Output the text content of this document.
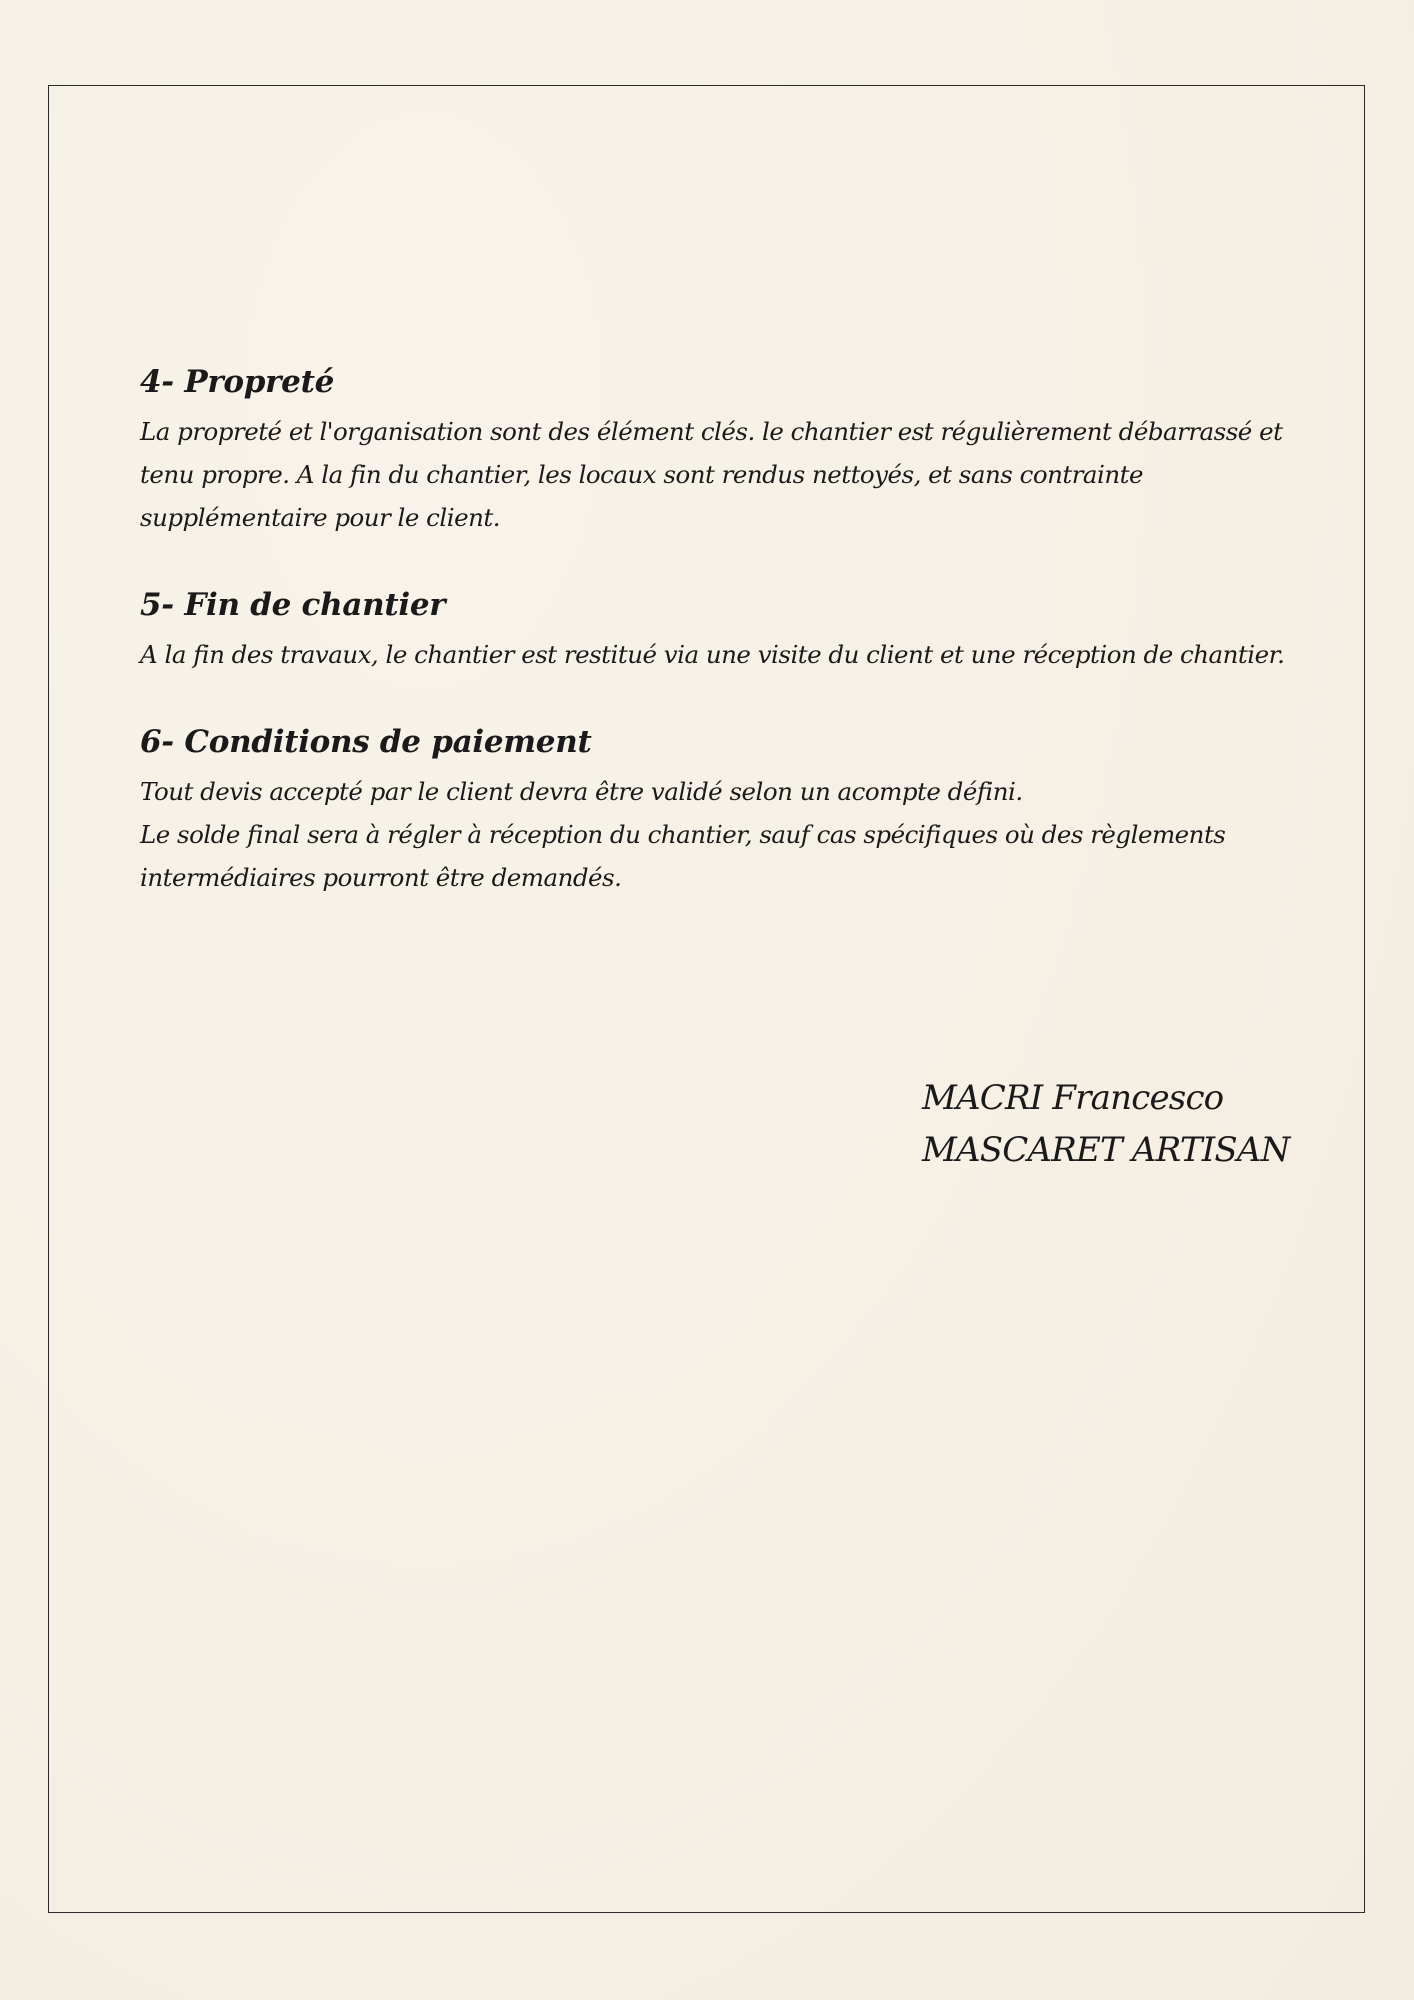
4- Propreté
La propreté et l'organisation sont des élément clés. le chantier est régulièrement débarrassé et
tenu propre. A la fin du chantier, les locaux sont rendus nettoyés, et sans contrainte
supplémentaire pour le client.
5- Fin de chantier
A la fin des travaux, le chantier est restitué via une visite du client et une réception de chantier.
6- Conditions de paiement
Tout devis accepté par le client devra être validé selon un acompte défini.
Le solde final sera à régler à réception du chantier, sauf cas spécifiques où des règlements
intermédiaires pourront être demandés.
MACRI Francesco
MASCARET ARTISAN
